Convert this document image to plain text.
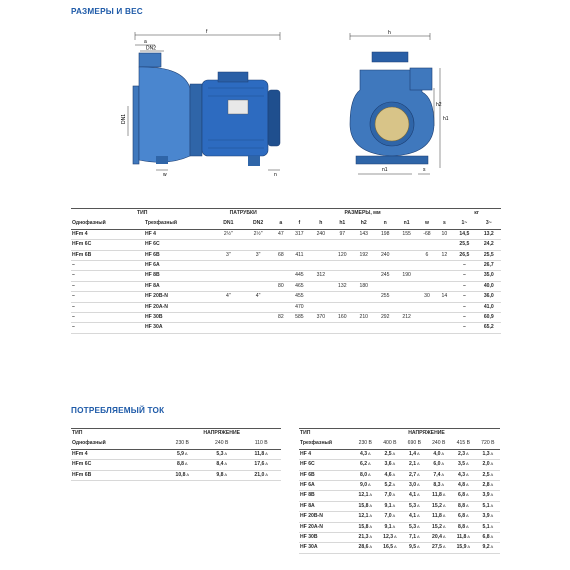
РАЗМЕРЫ И ВЕС
f
a
DN2
DN1
w	n
h
h1
h2
n1	s
ТИП		ПАТРУБКИ		РАЗМЕРЫ, мм									кг	
Однофазный	Трехфазный	DN1	DN2	a	f	h	h1	h2	n	n1	w	s	1~	3~
HFm 4	HF 4	2½"	2½"	47	317	240	97	143	198	155	-68	10	14,5	13,2
HFm 6C	HF 6C												25,5	24,2
HFm 6B	HF 6B	3"	3"	68	411		120	192	240		6	12	26,5	25,5
–	HF 6A												–	26,7
–	HF 8B				445	312			245	190			–	35,0
–	HF 8A			80	465		132	180					–	40,0
–	HF 20B-N	4"	4"		455				255		30	14	–	36,0
–	HF 20A-N				470								–	41,0
–	HF 30B			82	585	370	160	210	292	212			–	60,9
–	HF 30A												–	65,2
ПОТРЕБЛЯЕМЫЙ ТОК
ТИП	НАПРЯЖЕНИЕ		
Однофазный	230 В	240 В	110 В
HFm 4	5,9 A	5,3 A	11,8 A
HFm 6C	8,8 A	8,4 A	17,6 A
HFm 6B	10,8 A	9,8 A	21,0 A
ТИП	НАПРЯЖЕНИЕ					
Трехфазный	230 В	400 В	690 В	240 В	415 В	720 В
HF 4	4,3 A	2,5 A	1,4 A	4,0 A	2,3 A	1,3 A
HF 6C	6,2 A	3,6 A	2,1 A	6,0 A	3,5 A	2,0 A
HF 6B	8,0 A	4,6 A	2,7 A	7,4 A	4,3 A	2,5 A
HF 6A	9,0 A	5,2 A	3,0 A	8,3 A	4,8 A	2,8 A
HF 8B	12,1 A	7,0 A	4,1 A	11,8 A	6,8 A	3,9 A
HF 8A	15,8 A	9,1 A	5,3 A	15,2 A	8,8 A	5,1 A
HF 20B-N	12,1 A	7,0 A	4,1 A	11,8 A	6,8 A	3,9 A
HF 20A-N	15,8 A	9,1 A	5,3 A	15,2 A	8,8 A	5,1 A
HF 30B	21,3 A	12,3 A	7,1 A	20,4 A	11,8 A	6,8 A
HF 30A	28,6 A	16,5 A	9,5 A	27,5 A	15,9 A	9,2 A
